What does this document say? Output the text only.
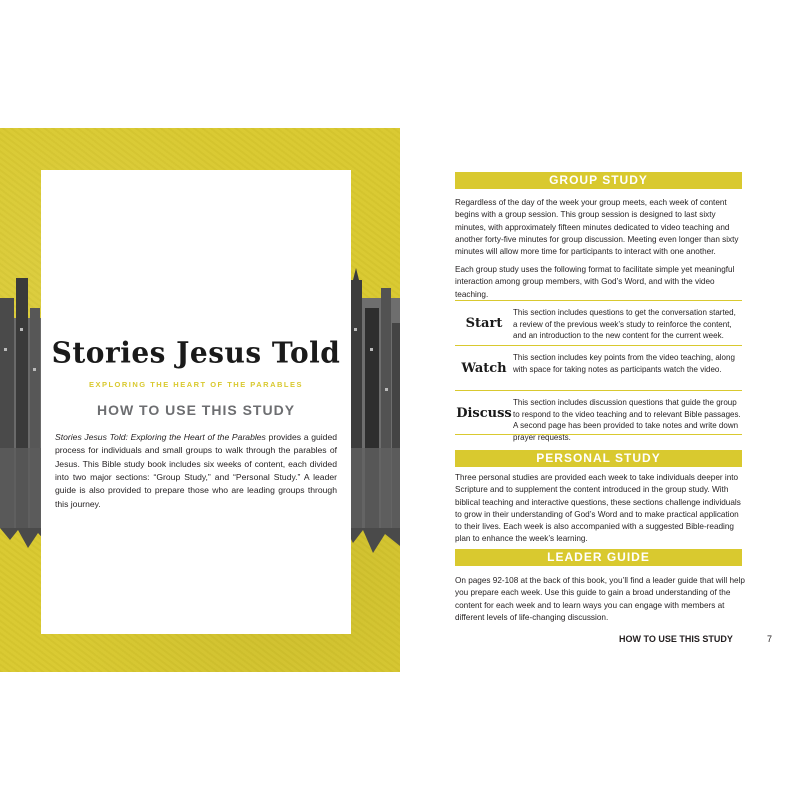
Stories Jesus Told
EXPLORING THE HEART OF THE PARABLES
HOW TO USE THIS STUDY

Stories Jesus Told: Exploring the Heart of the Parables provides a guided process for individuals and small groups to walk through the parables of Jesus. This Bible study book includes six weeks of content, each divided into two major sections: “Group Study,” and “Personal Study.” A leader guide is also provided to prepare those who are leading groups through this journey.

GROUP STUDY

Regardless of the day of the week your group meets, each week of content begins with a group session. This group session is designed to last sixty minutes, with approximately fifteen minutes dedicated to video teaching and another forty-five minutes for group discussion. Meeting even longer than sixty minutes will allow more time for participants to interact with one another.

Each group study uses the following format to facilitate simple yet meaningful interaction among group members, with God’s Word, and with the video teaching.

Start
This section includes questions to get the conversation started, a review of the previous week’s study to reinforce the content, and an introduction to the new content for the current week.
Watch
This section includes key points from the video teaching, along with space for taking notes as participants watch the video.
Discuss
This section includes discussion questions that guide the group to respond to the video teaching and to relevant Bible passages. A second page has been provided to take notes and write down prayer requests.
PERSONAL STUDY

Three personal studies are provided each week to take individuals deeper into Scripture and to supplement the content introduced in the group study. With biblical teaching and interactive questions, these sections challenge individuals to grow in their understanding of God’s Word and to make practical application to their lives. Each week is also accompanied with a suggested Bible-reading plan to enhance the week’s learning.

LEADER GUIDE

On pages 92-108 at the back of this book, you’ll find a leader guide that will help you prepare each week. Use this guide to gain a broad understanding of the content for each week and to learn ways you can engage with members at different levels of life-changing discussion.

HOW TO USE THIS STUDY	7
